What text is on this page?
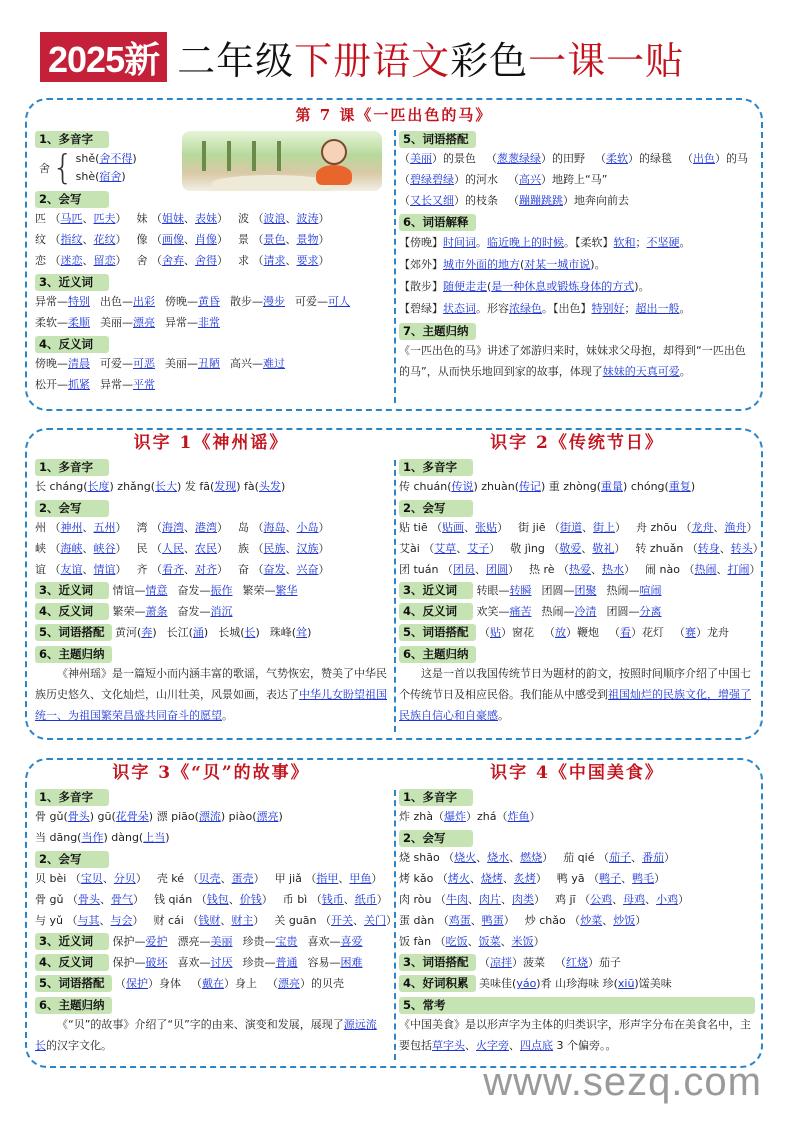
2025新 二年级下册语文彩色一课一贴
第 7 课《一匹出色的马》
1、多音字
舍 { shě(舍不得)
shè(宿舍)
2、会写
匹 （马匹、匹夫） 妹 （姐妹、表妹） 波 （波浪、波涛）
纹 （指纹、花纹） 像 （画像、肖像） 景 （景色、景物）
恋 （迷恋、留恋） 舍 （舍弃、舍得） 求 （请求、要求）
3、近义词
异常—特别 出色—出彩 傍晚—黄昏 散步—漫步 可爱—可人
柔软—柔顺 美丽—漂亮 异常—非常
4、反义词
傍晚—清晨 可爱—可恶 美丽—丑陋 高兴—难过
松开—抓紧 异常—平常
5、词语搭配
（美丽）的景色 （葱葱绿绿）的田野 （柔软）的绿毯 （出色）的马
（碧绿碧绿）的河水 （高兴）地跨上“马”
（又长又细）的枝条 （蹦蹦跳跳）地奔向前去
6、词语解释
【傍晚】时间词。临近晚上的时候。【柔软】软和；不坚硬。
【郊外】城市外面的地方(对某一城市说)。
【散步】随便走走(是一种休息或锻炼身体的方式)。
【碧绿】状态词。形容浓绿色。【出色】特别好；超出一般。
7、主题归纳
《一匹出色的马》讲述了郊游归来时，妹妹求父母抱，却得到“一匹出色的马”，从而快乐地回到家的故事，体现了妹妹的天真可爱。
识字 1《神州谣》
1、多音字
长 cháng(长度) zhǎng(长大) 发 fā(发现) fà(头发)
2、会写
州 （神州、五州） 湾 （海湾、港湾） 岛 （海岛、小岛）
峡 （海峡、峡谷） 民 （人民、农民） 族 （民族、汉族）
谊 （友谊、情谊） 齐 （看齐、对齐） 奋 （奋发、兴奋）
3、近义词 情谊—情意 奋发—振作 繁荣—繁华
4、反义词 繁荣—萧条 奋发—消沉
5、词语搭配 黄河(奔) 长江(涌) 长城(长) 珠峰(耸)
6、主题归纳
《神州瑶》是一篇短小而内涵丰富的歌谣，气势恢宏，赞美了中华民族历史悠久、文化灿烂，山川壮美，风景如画，表达了中华儿女盼望祖国统一、为祖国繁荣昌盛共同奋斗的愿望。
识字 2《传统节日》
1、多音字
传 chuán(传说) zhuàn(传记) 重 zhòng(重量) chóng(重复)
2、会写
贴 tiē （贴画、张贴） 街 jiē （街道、街上） 舟 zhōu （龙舟、渔舟）
艾ài （艾草、艾子） 敬 jìng （敬爱、敬礼） 转 zhuǎn （转身、转头）
团 tuán （团员、团圆） 热 rè （热爱、热水） 闹 nào （热闹、打闹）
3、近义词 转眼—转瞬 团圆—团聚 热闹—喧闹
4、反义词 欢笑—痛苦 热闹—冷清 团圆—分离
5、词语搭配 （贴）窗花 （放）鞭炮 （看）花灯 （赛）龙舟
6、主题归纳
这是一首以我国传统节日为题材的韵文，按照时间顺序介绍了中国七个传统节日及相应民俗。我们能从中感受到祖国灿烂的民族文化，增强了民族自信心和自豪感。
识字 3《“贝”的故事》
1、多音字
骨 gǔ(骨头) gū(花骨朵) 漂 piāo(漂流) piào(漂亮)
当 dāng(当作) dàng(上当)
2、会写
贝 bèi （宝贝、分贝） 壳 ké （贝壳、蛋壳） 甲 jiǎ （指甲、甲鱼）
骨 gǔ （骨头、骨气） 钱 qián （钱包、价钱） 币 bì （钱币、纸币）
与 yǔ （与其、与会） 财 cái （钱财、财主） 关 guān （开关、关门）
3、近义词 保护—爱护 漂亮—美丽 珍贵—宝贵 喜欢—喜爱
4、反义词 保护—破坏 喜欢—讨厌 珍贵—普通 容易—困难
5、词语搭配 （保护）身体 （戴在）身上 （漂亮）的贝壳
6、主题归纳
《“贝”的故事》介绍了“贝”字的由来、演变和发展，展现了源远流长的汉字文化。
识字 4《中国美食》
1、多音字
炸 zhà（爆炸）zhá（炸鱼）
2、会写
烧 shāo （烧火、烧水、燃烧） 茄 qié （茄子、番茄）
烤 kǎo （烤火、烧烤、炙烤） 鸭 yā （鸭子、鸭毛）
肉 ròu （牛肉、肉片、肉类） 鸡 jī （公鸡、母鸡、小鸡）
蛋 dàn （鸡蛋、鸭蛋） 炒 chǎo （炒菜、炒饭）
饭 fàn （吃饭、饭菜、米饭）
3、词语搭配 （凉拌）菠菜 （红烧）茄子
4、好词积累 美味佳(yáo)肴 山珍海味 珍(xiū)馐美味
5、常考
《中国美食》是以形声字为主体的归类识字，形声字分布在美食名中，主要包括草字头、火字旁、四点底 3 个偏旁。。
www.sezq.com
